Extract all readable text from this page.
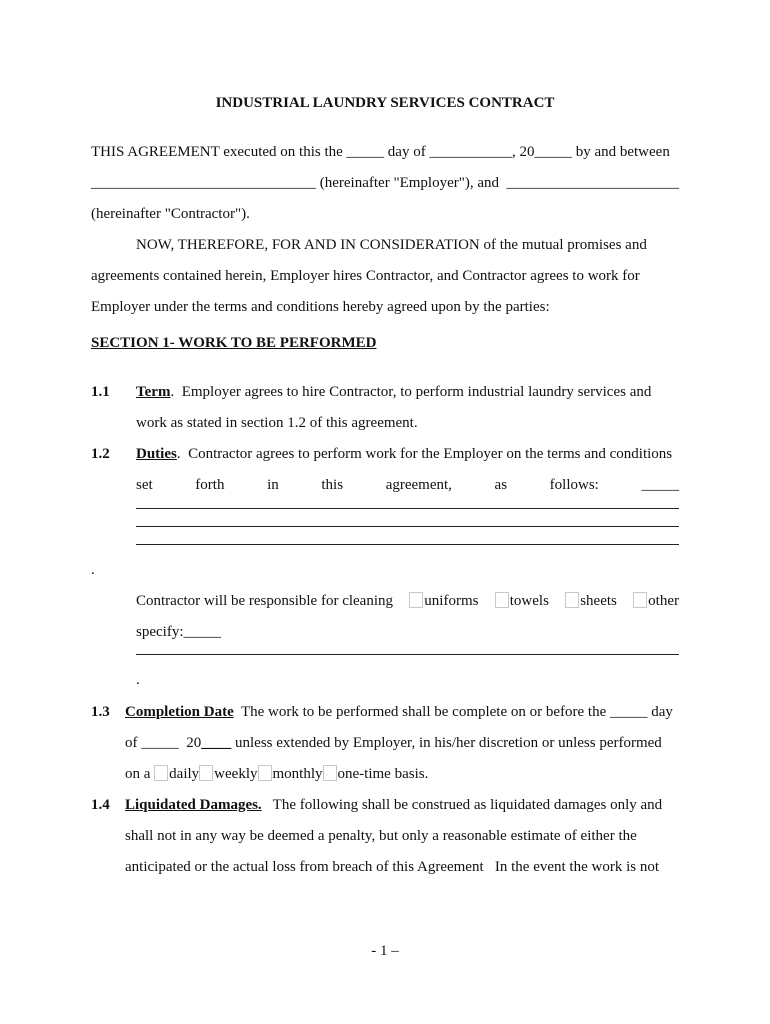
INDUSTRIAL LAUNDRY SERVICES CONTRACT
THIS AGREEMENT executed on this the _____ day of ___________, 20_____ by and between
______________________________ (hereinafter "Employer"), and  _______________________
(hereinafter "Contractor").
NOW, THEREFORE, FOR AND IN CONSIDERATION of the mutual promises and
agreements contained herein, Employer hires Contractor, and Contractor agrees to work for
Employer under the terms and conditions hereby agreed upon by the parties:
SECTION 1- WORK TO BE PERFORMED
1.1 Term.  Employer agrees to hire Contractor, to perform industrial laundry services and
work as stated in section 1.2 of this agreement.
1.2 Duties.  Contractor agrees to perform work for the Employer on the terms and conditions
set	forth	in	this	agreement,	as	follows:	_____
.
Contractor will be responsible for cleaning	uniforms	towels	sheets	other
specify:_____
.
1.3 Completion Date  The work to be performed shall be complete on or before the _____ day
of _____  20____ unless extended by Employer, in his/her discretion or unless performed
on a daily weekly monthly one-time basis.
1.4 Liquidated Damages.   The following shall be construed as liquidated damages only and
shall not in any way be deemed a penalty, but only a reasonable estimate of either the
anticipated or the actual loss from breach of this Agreement   In the event the work is not
- 1 –
